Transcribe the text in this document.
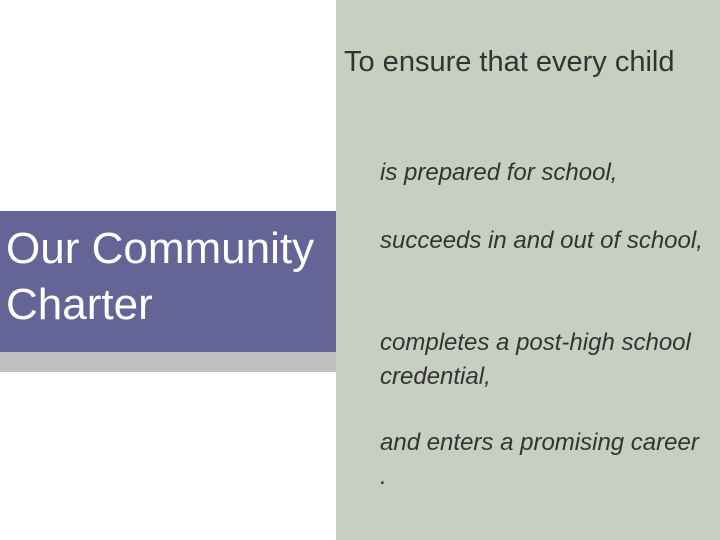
Our Community Charter

To ensure that every child

is prepared for school,
succeeds in and out of school,
completes a post-high school credential,
and enters a promising career .
